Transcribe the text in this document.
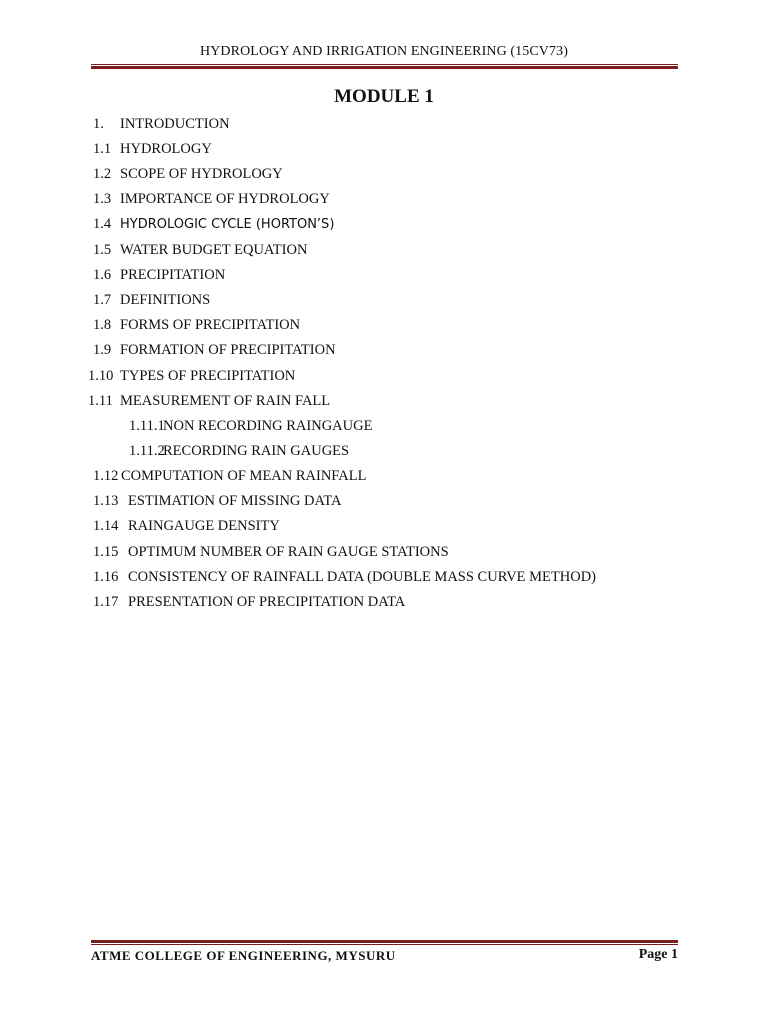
HYDROLOGY AND IRRIGATION ENGINEERING (15CV73)
MODULE 1
1. INTRODUCTION
1.1 HYDROLOGY
1.2 SCOPE OF HYDROLOGY
1.3 IMPORTANCE OF HYDROLOGY
1.4 HYDROLOGIC CYCLE (HORTON’S)
1.5 WATER BUDGET EQUATION
1.6 PRECIPITATION
1.7 DEFINITIONS
1.8 FORMS OF PRECIPITATION
1.9 FORMATION OF PRECIPITATION
1.10 TYPES OF PRECIPITATION
1.11 MEASUREMENT OF RAIN FALL
1.11.1NON RECORDING RAINGAUGE
1.11.2RECORDING RAIN GAUGES
1.12 COMPUTATION OF MEAN RAINFALL
1.13 ESTIMATION OF MISSING DATA
1.14 RAINGAUGE DENSITY
1.15 OPTIMUM NUMBER OF RAIN GAUGE STATIONS
1.16 CONSISTENCY OF RAINFALL DATA (DOUBLE MASS CURVE METHOD)
1.17 PRESENTATION OF PRECIPITATION DATA
ATME COLLEGE OF ENGINEERING, MYSURU	Page 1
